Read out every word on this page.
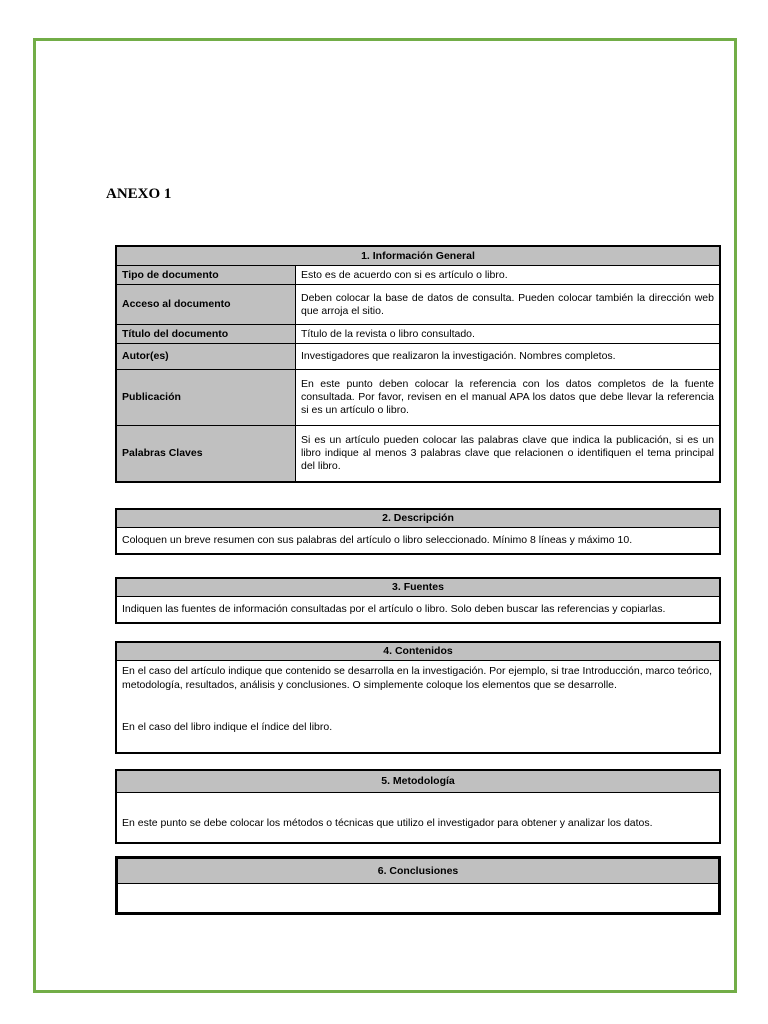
ANEXO 1
1. Información General	
Tipo de documento	Esto es de acuerdo con si es artículo o libro.
Acceso al documento	Deben colocar la base de datos de consulta. Pueden colocar también la dirección web que arroja el sitio.
Título del documento	Título de la revista o libro consultado.
Autor(es)	Investigadores que realizaron la investigación. Nombres completos.
Publicación	En este punto deben colocar la referencia con los datos completos de la fuente consultada. Por favor, revisen en el manual APA los datos que debe llevar la referencia si es un artículo o libro.
Palabras Claves	Si es un artículo pueden colocar las palabras clave que indica la publicación, si es un libro indique al menos 3 palabras clave que relacionen o identifiquen el tema principal del libro.
2. Descripción
Coloquen un breve resumen con sus palabras del artículo o libro seleccionado. Mínimo 8 líneas y máximo 10.
3. Fuentes
Indiquen las fuentes de información consultadas por el artículo o libro. Solo deben buscar las referencias y copiarlas.
4. Contenidos

En el caso del artículo indique que contenido se desarrolla en la investigación. Por ejemplo, si trae Introducción, marco teórico, metodología, resultados, análisis y conclusiones. O simplemente coloque los elementos que se desarrolle.
En el caso del libro indique el índice del libro.
5. Metodología
En este punto se debe colocar los métodos o técnicas que utilizo el investigador para obtener y analizar los datos.
6. Conclusiones
